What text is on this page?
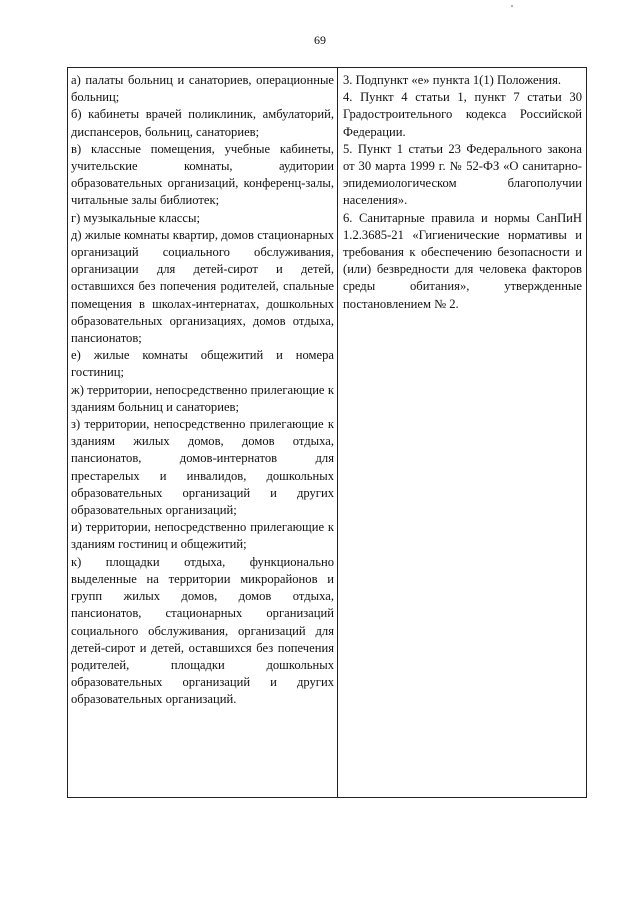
69

а) палаты больниц и санаториев, операционные больниц;

б) кабинеты врачей поликлиник, амбулаторий, диспансеров, больниц, санаториев;

в) классные помещения, учебные кабинеты, учительские комнаты, аудитории образовательных организаций, конференц-залы, читальные залы библиотек;

г) музыкальные классы;

д) жилые комнаты квартир, домов стационарных организаций социального обслуживания, организации для детей-сирот и детей, оставшихся без попечения родителей, спальные помещения в школах-интернатах, дошкольных образовательных организациях, домов отдыха, пансионатов;

е) жилые комнаты общежитий и номера гостиниц;

ж) территории, непосредственно прилегающие к зданиям больниц и санаториев;

з) территории, непосредственно прилегающие к зданиям жилых домов, домов отдыха, пансионатов, домов-интернатов для престарелых и инвалидов, дошкольных образовательных организаций и других образовательных организаций;

и) территории, непосредственно прилегающие к зданиям гостиниц и общежитий;

к) площадки отдыха, функционально выделенные на территории микрорайонов и групп жилых домов, домов отдыха, пансионатов, стационарных организаций социального обслуживания, организаций для детей-сирот и детей, оставшихся без попечения родителей, площадки дошкольных образовательных организаций и других образовательных организаций.

3. Подпункт «е» пункта 1(1) Положения.

4. Пункт 4 статьи 1, пункт 7 статьи 30 Градостроительного кодекса Российской Федерации.

5. Пункт 1 статьи 23 Федерального закона от 30 марта 1999 г. № 52-ФЗ «О санитарно-эпидемиологическом благополучии населения».

6. Санитарные правила и нормы СанПиН 1.2.3685-21 «Гигиенические нормативы и требования к обеспечению безопасности и (или) безвредности для человека факторов среды обитания», утвержденные постановлением № 2.
